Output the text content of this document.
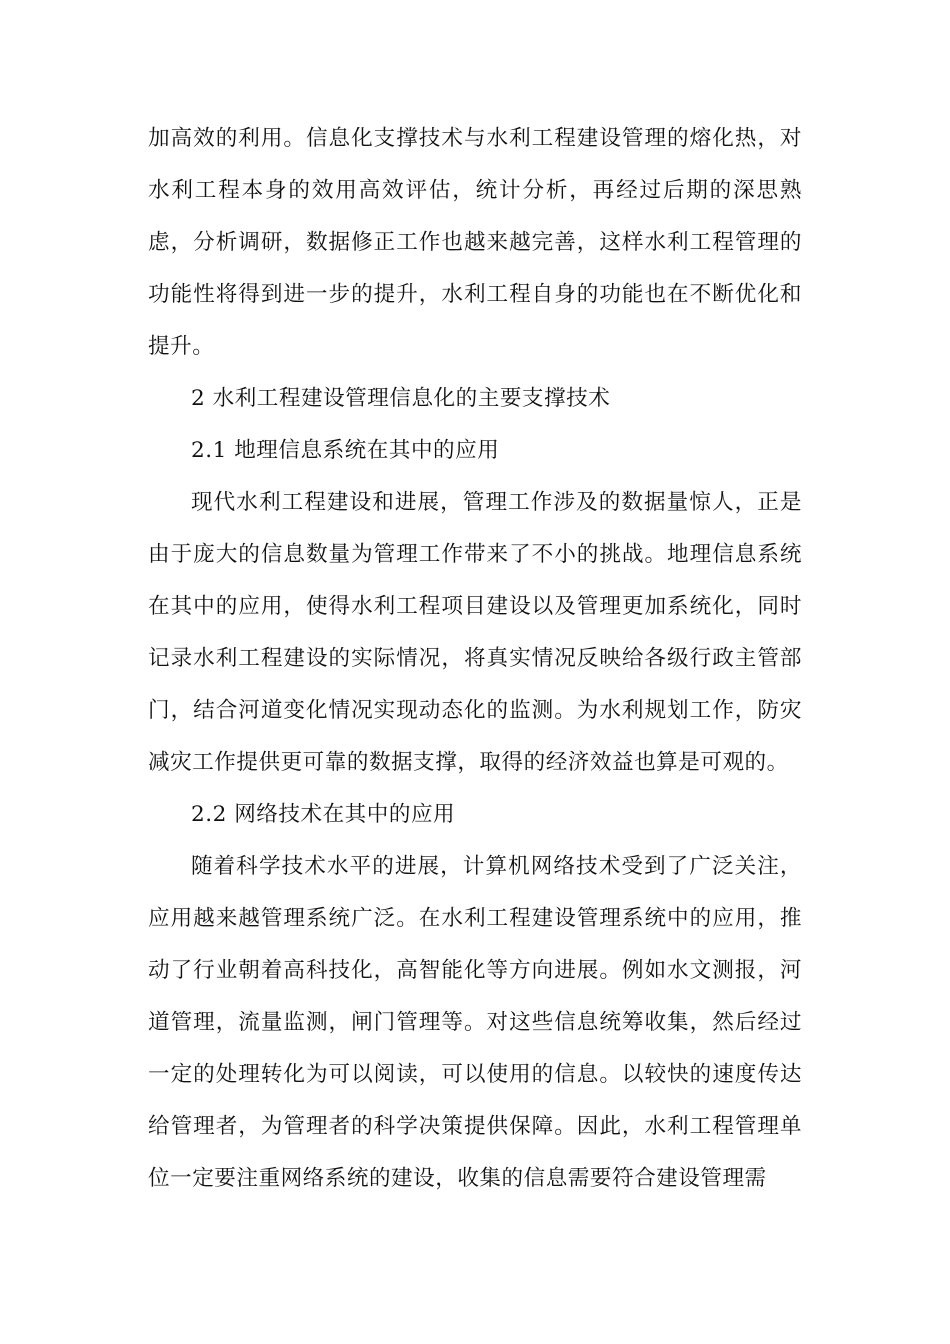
加高效的利用。信息化支撑技术与水利工程建设管理的熔化热，对水利工程本身的效用高效评估，统计分析，再经过后期的深思熟虑，分析调研，数据修正工作也越来越完善，这样水利工程管理的功能性将得到进一步的提升，水利工程自身的功能也在不断优化和提升。

2 水利工程建设管理信息化的主要支撑技术
2.1 地理信息系统在其中的应用

现代水利工程建设和进展，管理工作涉及的数据量惊人，正是由于庞大的信息数量为管理工作带来了不小的挑战。地理信息系统在其中的应用，使得水利工程项目建设以及管理更加系统化，同时记录水利工程建设的实际情况，将真实情况反映给各级行政主管部门，结合河道变化情况实现动态化的监测。为水利规划工作，防灾减灾工作提供更可靠的数据支撑，取得的经济效益也算是可观的。

2.2 网络技术在其中的应用

随着科学技术水平的进展，计算机网络技术受到了广泛关注，应用越来越管理系统广泛。在水利工程建设管理系统中的应用，推动了行业朝着高科技化，高智能化等方向进展。例如水文测报，河道管理，流量监测，闸门管理等。对这些信息统筹收集，然后经过一定的处理转化为可以阅读，可以使用的信息。以较快的速度传达给管理者，为管理者的科学决策提供保障。因此，水利工程管理单位一定要注重网络系统的建设，收集的信息需要符合建设管理需
